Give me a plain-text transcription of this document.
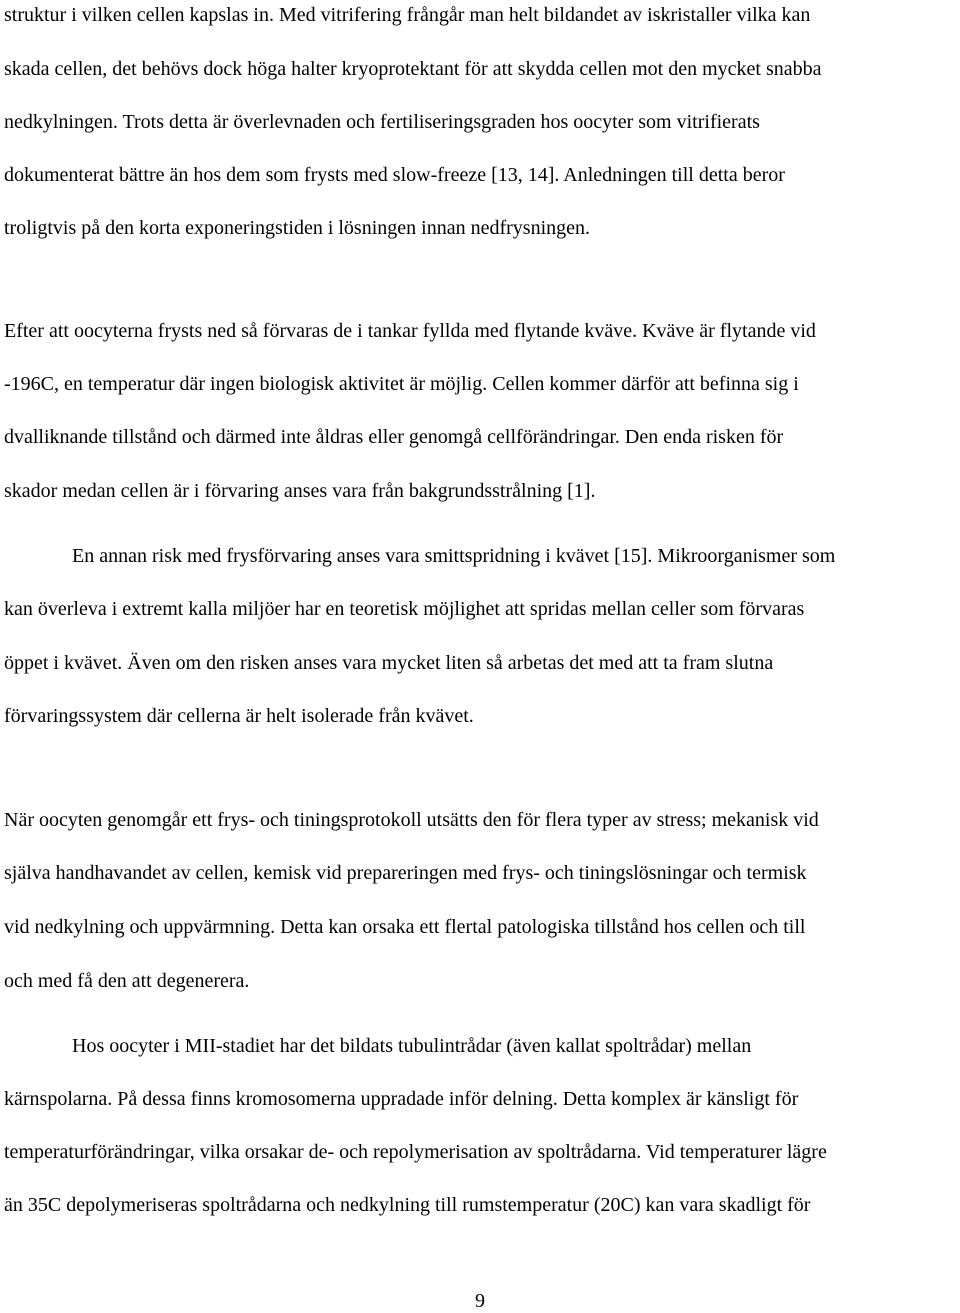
struktur i vilken cellen kapslas in. Med vitrifering frångår man helt bildandet av iskristaller vilka kan
skada cellen, det behövs dock höga halter kryoprotektant för att skydda cellen mot den mycket snabba
nedkylningen. Trots detta är överlevnaden och fertiliseringsgraden hos oocyter som vitrifierats
dokumenterat bättre än hos dem som frysts med slow-freeze [13, 14]. Anledningen till detta beror
troligtvis på den korta exponeringstiden i lösningen innan nedfrysningen.
Efter att oocyterna frysts ned så förvaras de i tankar fyllda med flytande kväve. Kväve är flytande vid
-196C, en temperatur där ingen biologisk aktivitet är möjlig. Cellen kommer därför att befinna sig i
dvalliknande tillstånd och därmed inte åldras eller genomgå cellförändringar. Den enda risken för
skador medan cellen är i förvaring anses vara från bakgrundsstrålning [1].
En annan risk med frysförvaring anses vara smittspridning i kvävet [15]. Mikroorganismer som
kan överleva i extremt kalla miljöer har en teoretisk möjlighet att spridas mellan celler som förvaras
öppet i kvävet. Även om den risken anses vara mycket liten så arbetas det med att ta fram slutna
förvaringssystem där cellerna är helt isolerade från kvävet.
När oocyten genomgår ett frys- och tiningsprotokoll utsätts den för flera typer av stress; mekanisk vid
själva handhavandet av cellen, kemisk vid prepareringen med frys- och tiningslösningar och termisk
vid nedkylning och uppvärmning. Detta kan orsaka ett flertal patologiska tillstånd hos cellen och till
och med få den att degenerera.
Hos oocyter i MII-stadiet har det bildats tubulintrådar (även kallat spoltrådar) mellan
kärnspolarna. På dessa finns kromosomerna uppradade inför delning. Detta komplex är känsligt för
temperaturförändringar, vilka orsakar de- och repolymerisation av spoltrådarna. Vid temperaturer lägre
än 35C depolymeriseras spoltrådarna och nedkylning till rumstemperatur (20C) kan vara skadligt för
9
